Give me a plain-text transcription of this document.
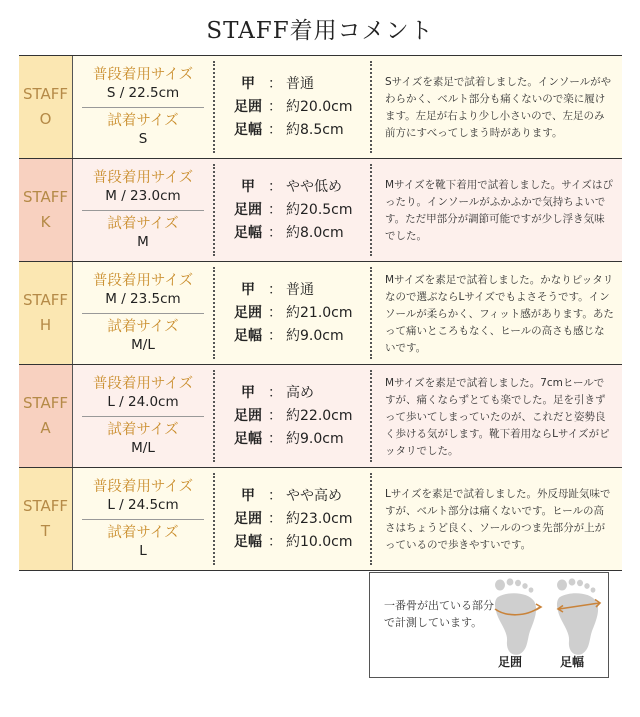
STAFF着用コメント
STAFF
O
普段着用サイズ
S / 22.5cm
試着サイズ
S
甲 ： 普通
足囲 ： 約20.0cm
足幅 ： 約8.5cm
Sサイズを素足で試着しました。インソールがやわらかく、ベルト部分も痛くないので楽に履けます。左足が右より少し小さいので、左足のみ前方にすべってしまう時があります。
STAFF
K
普段着用サイズ
M / 23.0cm
試着サイズ
M
甲 ： やや低め
足囲 ： 約20.5cm
足幅 ： 約8.0cm
Mサイズを靴下着用で試着しました。サイズはぴったり。インソールがふかふかで気持ちよいです。ただ甲部分が調節可能ですが少し浮き気味でした。
STAFF
H
普段着用サイズ
M / 23.5cm
試着サイズ
M/L
甲 ： 普通
足囲 ： 約21.0cm
足幅 ： 約9.0cm
Mサイズを素足で試着しました。かなりピッタリなので選ぶならLサイズでもよさそうです。インソールが柔らかく、フィット感があります。あたって痛いところもなく、ヒールの高さも感じないです。
STAFF
A
普段着用サイズ
L / 24.0cm
試着サイズ
M/L
甲 ： 高め
足囲 ： 約22.0cm
足幅 ： 約9.0cm
Mサイズを素足で試着しました。7cmヒールですが、痛くならずとても楽でした。足を引きずって歩いてしまっていたのが、これだと姿勢良く歩ける気がします。靴下着用ならLサイズがピッタリでした。
STAFF
T
普段着用サイズ
L / 24.5cm
試着サイズ
L
甲 ： やや高め
足囲 ： 約23.0cm
足幅 ： 約10.0cm
Lサイズを素足で試着しました。外反母趾気味ですが、ベルト部分は痛くないです。ヒールの高さはちょうど良く、ソールのつま先部分が上がっているので歩きやすいです。
一番骨が出ている部分で計測しています。
足囲	足幅
